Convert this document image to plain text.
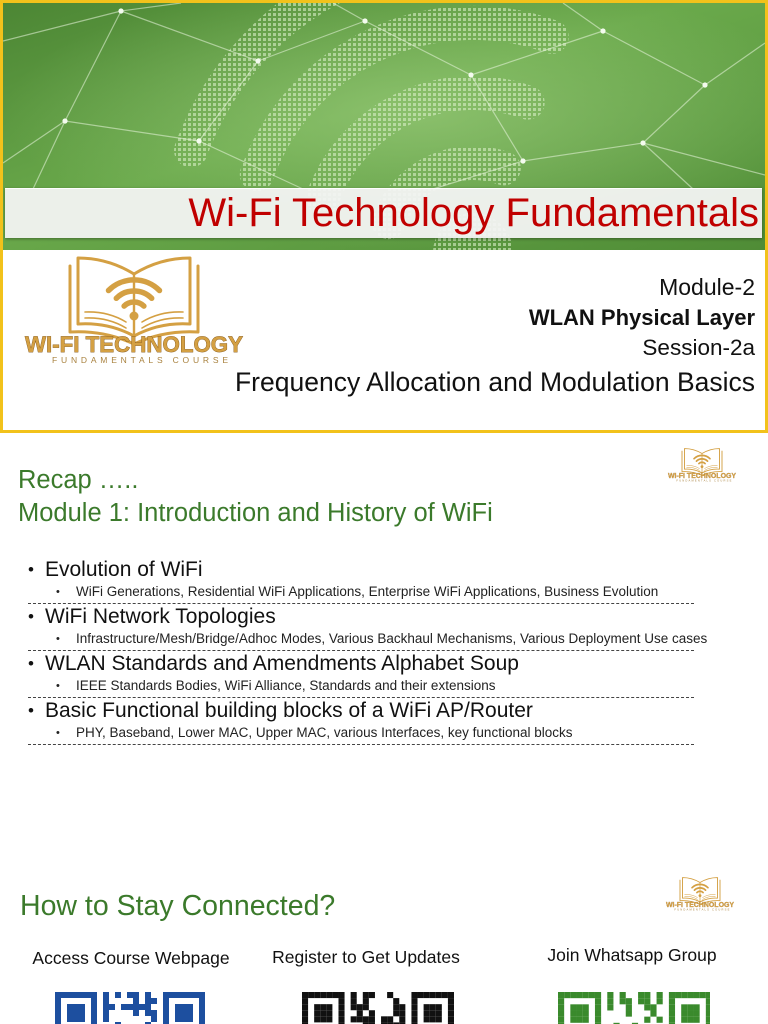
Wi-Fi Technology Fundamentals
WI-FI TECHNOLOGY
FUNDAMENTALS COURSE
Module-2
WLAN Physical Layer
Session-2a
Frequency Allocation and Modulation Basics
Recap …..
Module 1: Introduction and History of WiFi
WI-FI TECHNOLOGY
FUNDAMENTALS COURSE
• Evolution of WiFi
• WiFi Generations, Residential WiFi Applications, Enterprise WiFi Applications, Business Evolution
• WiFi Network Topologies
• Infrastructure/Mesh/Bridge/Adhoc Modes, Various Backhaul Mechanisms, Various Deployment Use cases
• WLAN Standards and Amendments Alphabet Soup
• IEEE Standards Bodies, WiFi Alliance, Standards and their extensions
• Basic Functional building blocks of a WiFi AP/Router
• PHY, Baseband, Lower MAC, Upper MAC, various Interfaces, key functional blocks
How to Stay Connected?	WI-FI TECHNOLOGY
FUNDAMENTALS COURSE
Access Course Webpage	Register to Get Updates	Join Whatsapp Group
